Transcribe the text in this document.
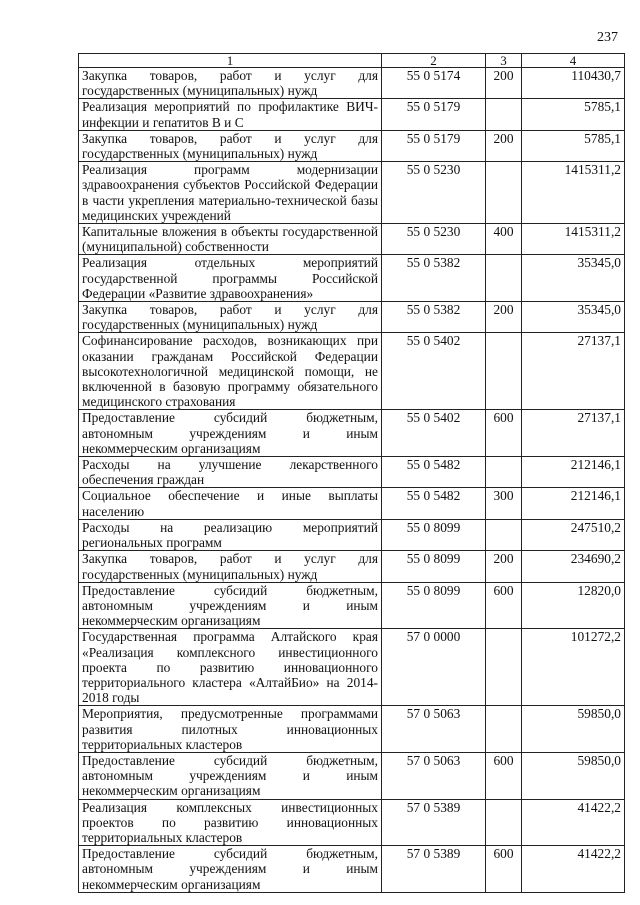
237
1	2	3	4
Закупка товаров, работ и услуг для государственных (муниципальных) нужд	55 0 5174	200	110430,7
Реализация мероприятий по профилактике ВИЧ-инфекции и гепатитов В и С	55 0 5179		5785,1
Закупка товаров, работ и услуг для государственных (муниципальных) нужд	55 0 5179	200	5785,1
Реализация программ модернизации здравоохранения субъектов Российской Федерации в части укрепления материально-технической базы медицинских учреждений	55 0 5230		1415311,2
Капитальные вложения в объекты государственной (муниципальной) собственности	55 0 5230	400	1415311,2
Реализация отдельных мероприятий государственной программы Российской Федерации «Развитие здравоохранения»	55 0 5382		35345,0
Закупка товаров, работ и услуг для государственных (муниципальных) нужд	55 0 5382	200	35345,0
Софинансирование расходов, возникающих при оказании гражданам Российской Федерации высокотехнологичной медицинской помощи, не включенной в базовую программу обязательного медицинского страхования	55 0 5402		27137,1
Предоставление субсидий бюджетным, автономным учреждениям и иным некоммерческим организациям	55 0 5402	600	27137,1
Расходы на улучшение лекарственного обеспечения граждан	55 0 5482		212146,1
Социальное обеспечение и иные выплаты населению	55 0 5482	300	212146,1
Расходы на реализацию мероприятий региональных программ	55 0 8099		247510,2
Закупка товаров, работ и услуг для государственных (муниципальных) нужд	55 0 8099	200	234690,2
Предоставление субсидий бюджетным, автономным учреждениям и иным некоммерческим организациям	55 0 8099	600	12820,0
Государственная программа Алтайского края «Реализация комплексного инвестиционного проекта по развитию инновационного территориального кластера «АлтайБио» на 2014-2018 годы	57 0 0000		101272,2
Мероприятия, предусмотренные программами развития пилотных инновационных территориальных кластеров	57 0 5063		59850,0
Предоставление субсидий бюджетным, автономным учреждениям и иным некоммерческим организациям	57 0 5063	600	59850,0
Реализация комплексных инвестиционных проектов по развитию инновационных территориальных кластеров	57 0 5389		41422,2
Предоставление субсидий бюджетным, автономным учреждениям и иным некоммерческим организациям	57 0 5389	600	41422,2
